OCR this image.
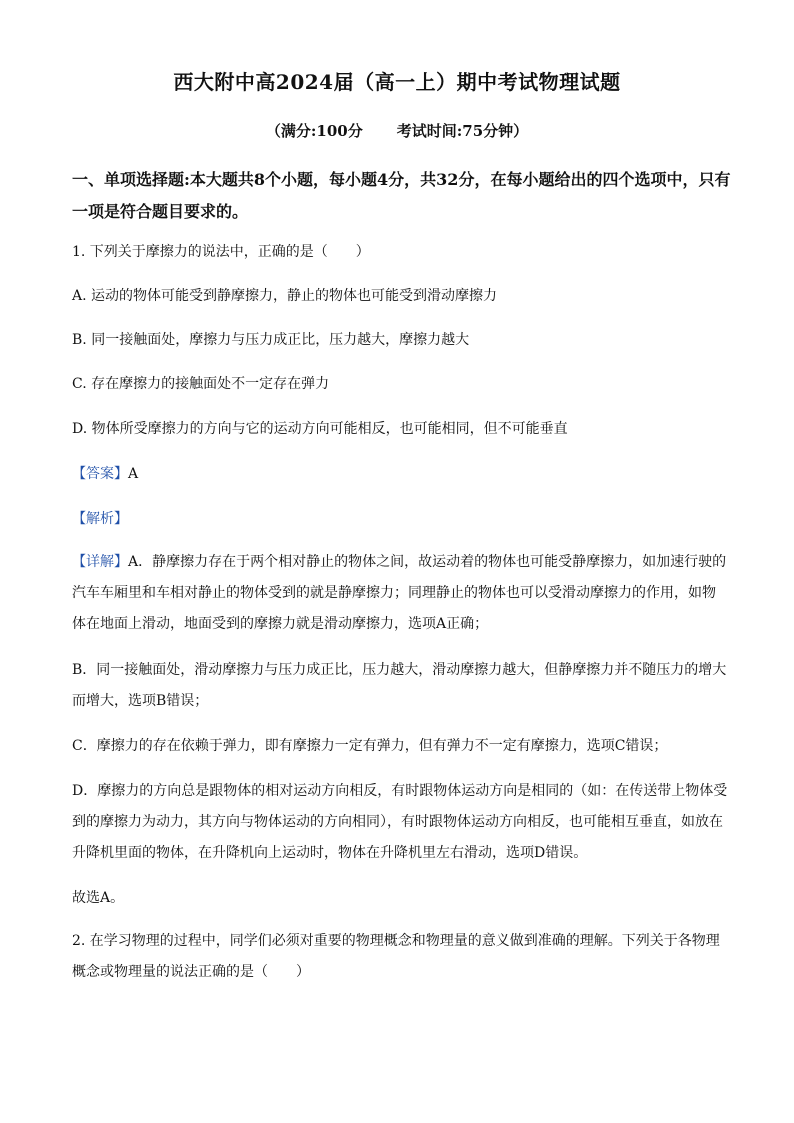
西大附中高2024届（高一上）期中考试物理试题
（满分:100分 考试时间:75分钟）
一、单项选择题:本大题共8个小题，每小题4分，共32分，在每小题给出的四个选项中，只有一项是符合题目要求的。
1. 下列关于摩擦力的说法中，正确的是（　　）
A. 运动的物体可能受到静摩擦力，静止的物体也可能受到滑动摩擦力
B. 同一接触面处，摩擦力与压力成正比，压力越大，摩擦力越大
C. 存在摩擦力的接触面处不一定存在弹力
D. 物体所受摩擦力的方向与它的运动方向可能相反，也可能相同，但不可能垂直
【答案】A
【解析】
【详解】A．静摩擦力存在于两个相对静止的物体之间，故运动着的物体也可能受静摩擦力，如加速行驶的汽车车厢里和车相对静止的物体受到的就是静摩擦力；同理静止的物体也可以受滑动摩擦力的作用，如物体在地面上滑动，地面受到的摩擦力就是滑动摩擦力，选项A正确；
B．同一接触面处，滑动摩擦力与压力成正比，压力越大，滑动摩擦力越大，但静摩擦力并不随压力的增大而增大，选项B错误；
C．摩擦力的存在依赖于弹力，即有摩擦力一定有弹力，但有弹力不一定有摩擦力，选项C错误；
D．摩擦力的方向总是跟物体的相对运动方向相反，有时跟物体运动方向是相同的（如：在传送带上物体受到的摩擦力为动力，其方向与物体运动的方向相同），有时跟物体运动方向相反，也可能相互垂直，如放在升降机里面的物体，在升降机向上运动时，物体在升降机里左右滑动，选项D错误。
故选A。
2. 在学习物理的过程中，同学们必须对重要的物理概念和物理量的意义做到准确的理解。下列关于各物理概念或物理量的说法正确的是（　　）
